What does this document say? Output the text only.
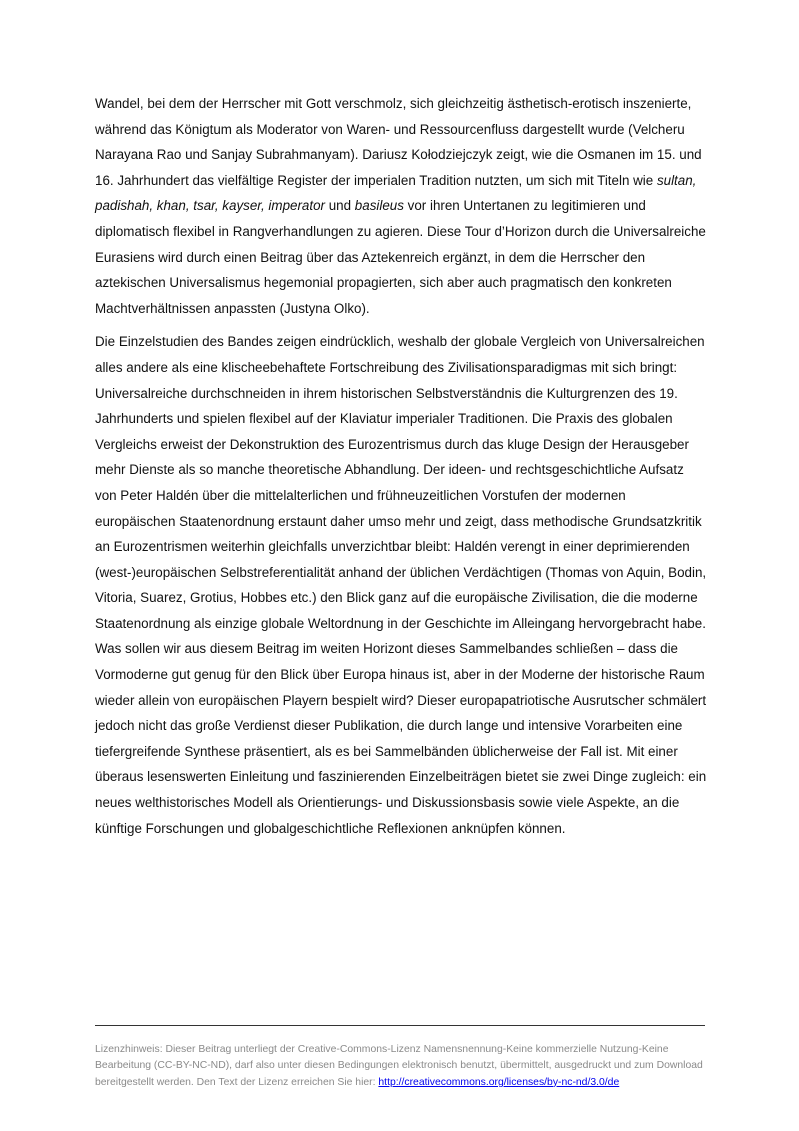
Wandel, bei dem der Herrscher mit Gott verschmolz, sich gleichzeitig ästhetisch-erotisch inszenierte, während das Königtum als Moderator von Waren- und Ressourcenfluss dargestellt wurde (Velcheru Narayana Rao und Sanjay Subrahmanyam). Dariusz Kołodziejczyk zeigt, wie die Osmanen im 15. und 16. Jahrhundert das vielfältige Register der imperialen Tradition nutzten, um sich mit Titeln wie sultan, padishah, khan, tsar, kayser, imperator und basileus vor ihren Untertanen zu legitimieren und diplomatisch flexibel in Rangverhandlungen zu agieren. Diese Tour d’Horizon durch die Universalreiche Eurasiens wird durch einen Beitrag über das Aztekenreich ergänzt, in dem die Herrscher den aztekischen Universalismus hegemonial propagierten, sich aber auch pragmatisch den konkreten Machtverhältnissen anpassten (Justyna Olko).

Die Einzelstudien des Bandes zeigen eindrücklich, weshalb der globale Vergleich von Universalreichen alles andere als eine klischeebehaftete Fortschreibung des Zivilisationsparadigmas mit sich bringt: Universalreiche durchschneiden in ihrem historischen Selbstverständnis die Kulturgrenzen des 19. Jahrhunderts und spielen flexibel auf der Klaviatur imperialer Traditionen. Die Praxis des globalen Vergleichs erweist der Dekonstruktion des Eurozentrismus durch das kluge Design der Herausgeber mehr Dienste als so manche theoretische Abhandlung. Der ideen- und rechtsgeschichtliche Aufsatz von Peter Haldén über die mittelalterlichen und frühneuzeitlichen Vorstufen der modernen europäischen Staatenordnung erstaunt daher umso mehr und zeigt, dass methodische Grundsatzkritik an Eurozentrismen weiterhin gleichfalls unverzichtbar bleibt: Haldén verengt in einer deprimierenden (west-)europäischen Selbstreferentialität anhand der üblichen Verdächtigen (Thomas von Aquin, Bodin, Vitoria, Suarez, Grotius, Hobbes etc.) den Blick ganz auf die europäische Zivilisation, die die moderne Staatenordnung als einzige globale Weltordnung in der Geschichte im Alleingang hervorgebracht habe. Was sollen wir aus diesem Beitrag im weiten Horizont dieses Sammelbandes schließen – dass die Vormoderne gut genug für den Blick über Europa hinaus ist, aber in der Moderne der historische Raum wieder allein von europäischen Playern bespielt wird? Dieser europapatriotische Ausrutscher schmälert jedoch nicht das große Verdienst dieser Publikation, die durch lange und intensive Vorarbeiten eine tiefergreifende Synthese präsentiert, als es bei Sammelbänden üblicherweise der Fall ist. Mit einer überaus lesenswerten Einleitung und faszinierenden Einzelbeiträgen bietet sie zwei Dinge zugleich: ein neues welthistorisches Modell als Orientierungs- und Diskussionsbasis sowie viele Aspekte, an die künftige Forschungen und globalgeschichtliche Reflexionen anknüpfen können.

Lizenzhinweis: Dieser Beitrag unterliegt der Creative-Commons-Lizenz Namensnennung-Keine kommerzielle Nutzung-Keine Bearbeitung (CC-BY-NC-ND), darf also unter diesen Bedingungen elektronisch benutzt, übermittelt, ausgedruckt und zum Download bereitgestellt werden. Den Text der Lizenz erreichen Sie hier: http://creativecommons.org/licenses/by-nc-nd/3.0/de
